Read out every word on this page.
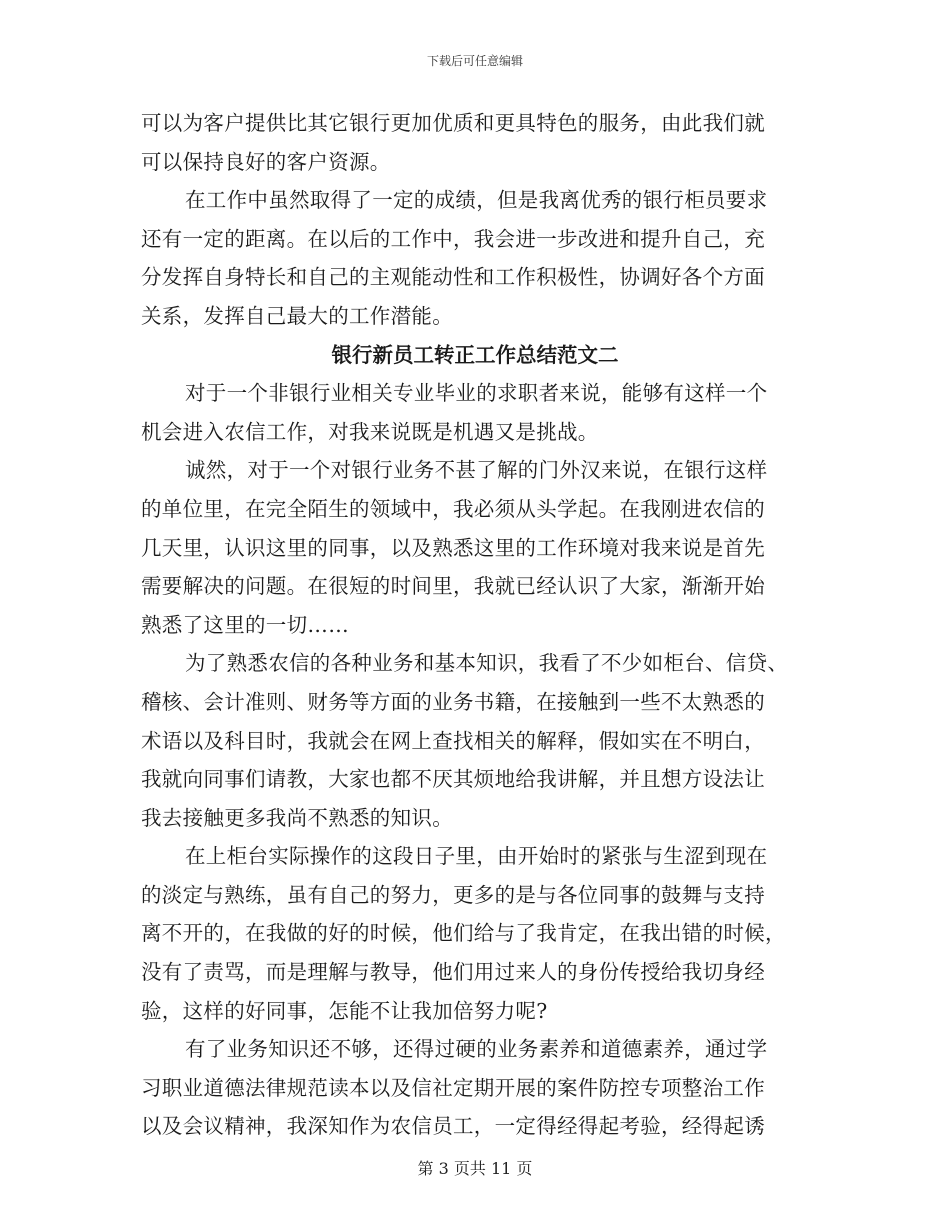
下载后可任意编辑

可以为客户提供比其它银行更加优质和更具特色的服务，由此我们就
可以保持良好的客户资源。

在工作中虽然取得了一定的成绩，但是我离优秀的银行柜员要求
还有一定的距离。在以后的工作中，我会进一步改进和提升自己，充
分发挥自身特长和自己的主观能动性和工作积极性，协调好各个方面
关系，发挥自己最大的工作潜能。

银行新员工转正工作总结范文二

对于一个非银行业相关专业毕业的求职者来说，能够有这样一个
机会进入农信工作，对我来说既是机遇又是挑战。

诚然，对于一个对银行业务不甚了解的门外汉来说，在银行这样
的单位里，在完全陌生的领域中，我必须从头学起。在我刚进农信的
几天里，认识这里的同事，以及熟悉这里的工作环境对我来说是首先
需要解决的问题。在很短的时间里，我就已经认识了大家，渐渐开始
熟悉了这里的一切……

为了熟悉农信的各种业务和基本知识，我看了不少如柜台、信贷、
稽核、会计准则、财务等方面的业务书籍，在接触到一些不太熟悉的
术语以及科目时，我就会在网上查找相关的解释，假如实在不明白，
我就向同事们请教，大家也都不厌其烦地给我讲解，并且想方设法让
我去接触更多我尚不熟悉的知识。

在上柜台实际操作的这段日子里，由开始时的紧张与生涩到现在
的淡定与熟练，虽有自己的努力，更多的是与各位同事的鼓舞与支持
离不开的，在我做的好的时候，他们给与了我肯定，在我出错的时候，
没有了责骂，而是理解与教导，他们用过来人的身份传授给我切身经
验，这样的好同事，怎能不让我加倍努力呢?

有了业务知识还不够，还得过硬的业务素养和道德素养，通过学
习职业道德法律规范读本以及信社定期开展的案件防控专项整治工作
以及会议精神，我深知作为农信员工，一定得经得起考验，经得起诱

第 3 页共 11 页
